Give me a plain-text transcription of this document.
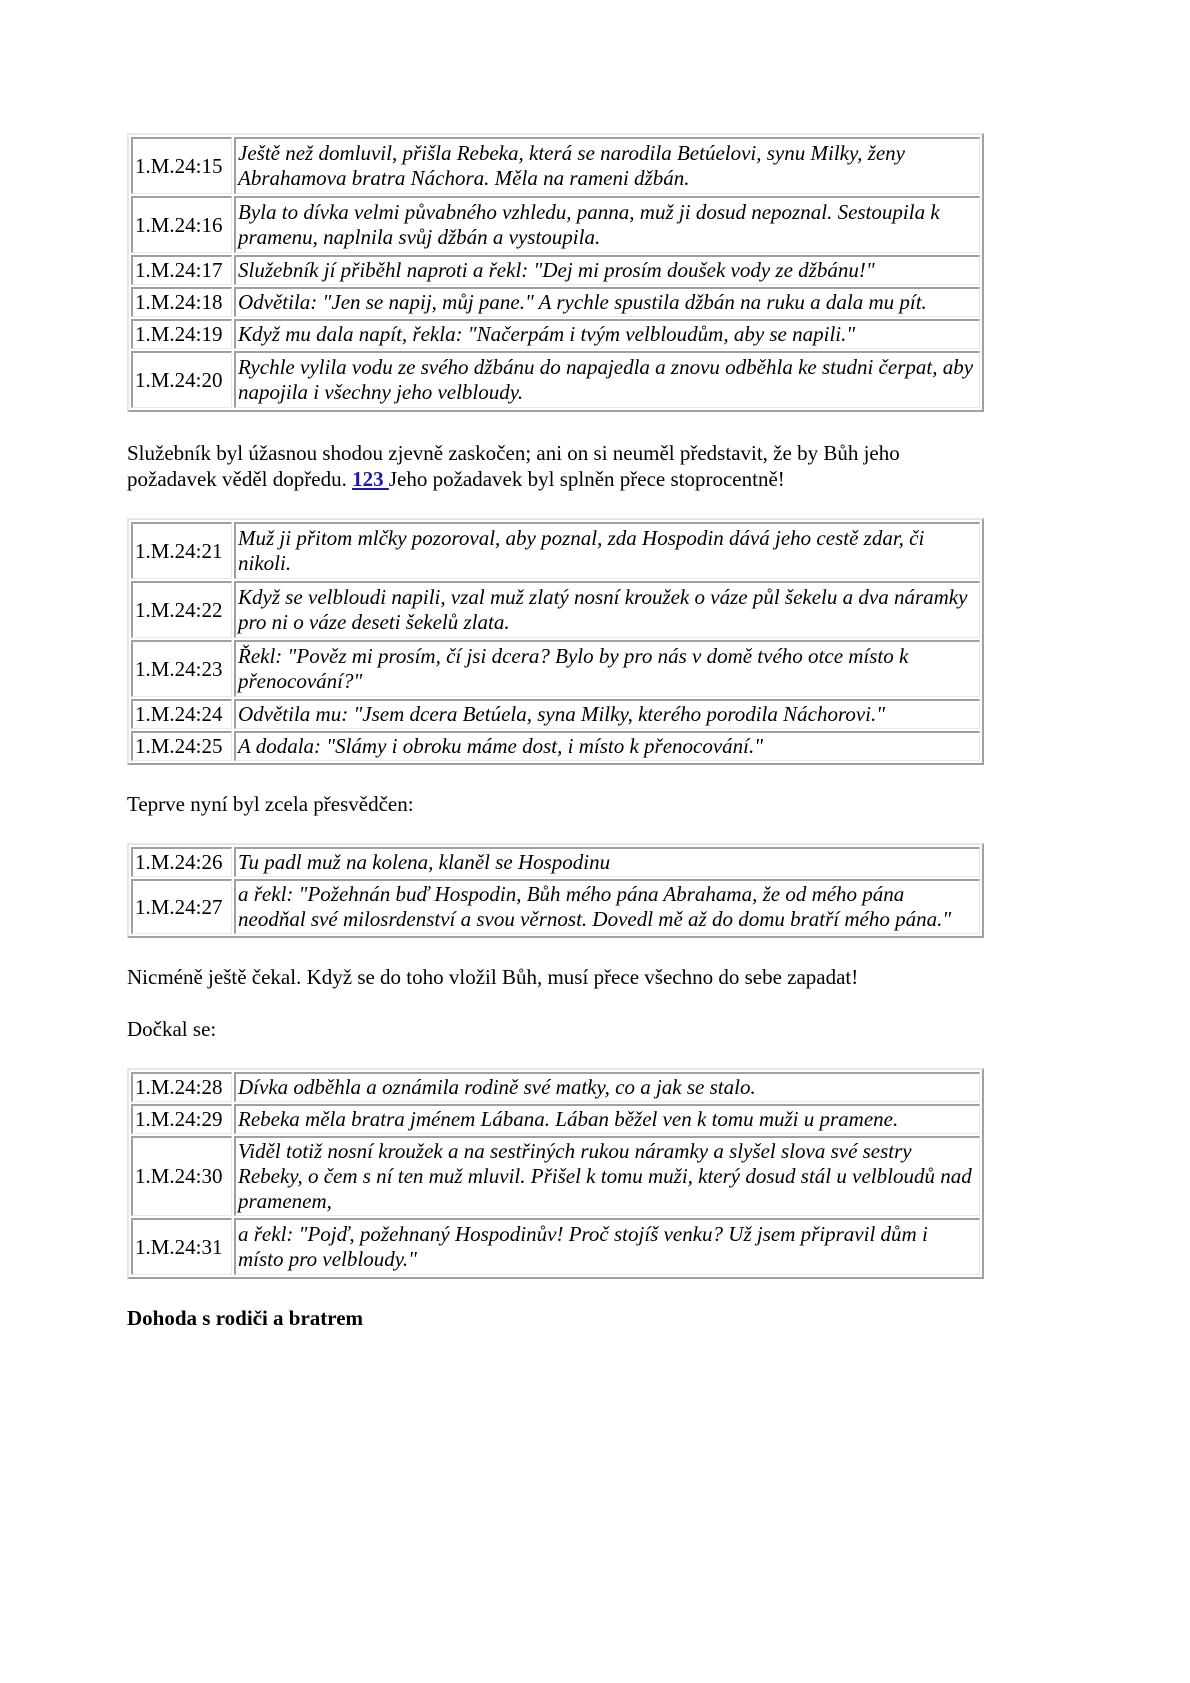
1.M.24:15	Ještě než domluvil, přišla Rebeka, která se narodila Betúelovi, synu Milky, ženy Abrahamova bratra Náchora. Měla na rameni džbán.
1.M.24:16	Byla to dívka velmi půvabného vzhledu, panna, muž ji dosud nepoznal. Sestoupila k pramenu, naplnila svůj džbán a vystoupila.
1.M.24:17	Služebník jí přiběhl naproti a řekl: "Dej mi prosím doušek vody ze džbánu!"
1.M.24:18	Odvětila: "Jen se napij, můj pane." A rychle spustila džbán na ruku a dala mu pít.
1.M.24:19	Když mu dala napít, řekla: "Načerpám i tvým velbloudům, aby se napili."
1.M.24:20	Rychle vylila vodu ze svého džbánu do napajedla a znovu odběhla ke studni čerpat, aby napojila i všechny jeho velbloudy.

Služebník byl úžasnou shodou zjevně zaskočen; ani on si neuměl představit, že by Bůh jeho požadavek věděl dopředu. 123 Jeho požadavek byl splněn přece stoprocentně!

1.M.24:21	Muž ji přitom mlčky pozoroval, aby poznal, zda Hospodin dává jeho cestě zdar, či nikoli.
1.M.24:22	Když se velbloudi napili, vzal muž zlatý nosní kroužek o váze půl šekelu a dva náramky pro ni o váze deseti šekelů zlata.
1.M.24:23	Řekl: "Pověz mi prosím, čí jsi dcera? Bylo by pro nás v domě tvého otce místo k přenocování?"
1.M.24:24	Odvětila mu: "Jsem dcera Betúela, syna Milky, kterého porodila Náchorovi."
1.M.24:25	A dodala: "Slámy i obroku máme dost, i místo k přenocování."

Teprve nyní byl zcela přesvědčen:

1.M.24:26	Tu padl muž na kolena, klaněl se Hospodinu
1.M.24:27	a řekl: "Požehnán buď Hospodin, Bůh mého pána Abrahama, že od mého pána neodňal své milosrdenství a svou věrnost. Dovedl mě až do domu bratří mého pána."

Nicméně ještě čekal. Když se do toho vložil Bůh, musí přece všechno do sebe zapadat!

Dočkal se:

1.M.24:28	Dívka odběhla a oznámila rodině své matky, co a jak se stalo.
1.M.24:29	Rebeka měla bratra jménem Lábana. Lában běžel ven k tomu muži u pramene.
1.M.24:30	Viděl totiž nosní kroužek a na sestřiných rukou náramky a slyšel slova své sestry Rebeky, o čem s ní ten muž mluvil. Přišel k tomu muži, který dosud stál u velbloudů nad pramenem,
1.M.24:31	a řekl: "Pojď, požehnaný Hospodinův! Proč stojíš venku? Už jsem připravil dům i místo pro velbloudy."
Dohoda s rodiči a bratrem
